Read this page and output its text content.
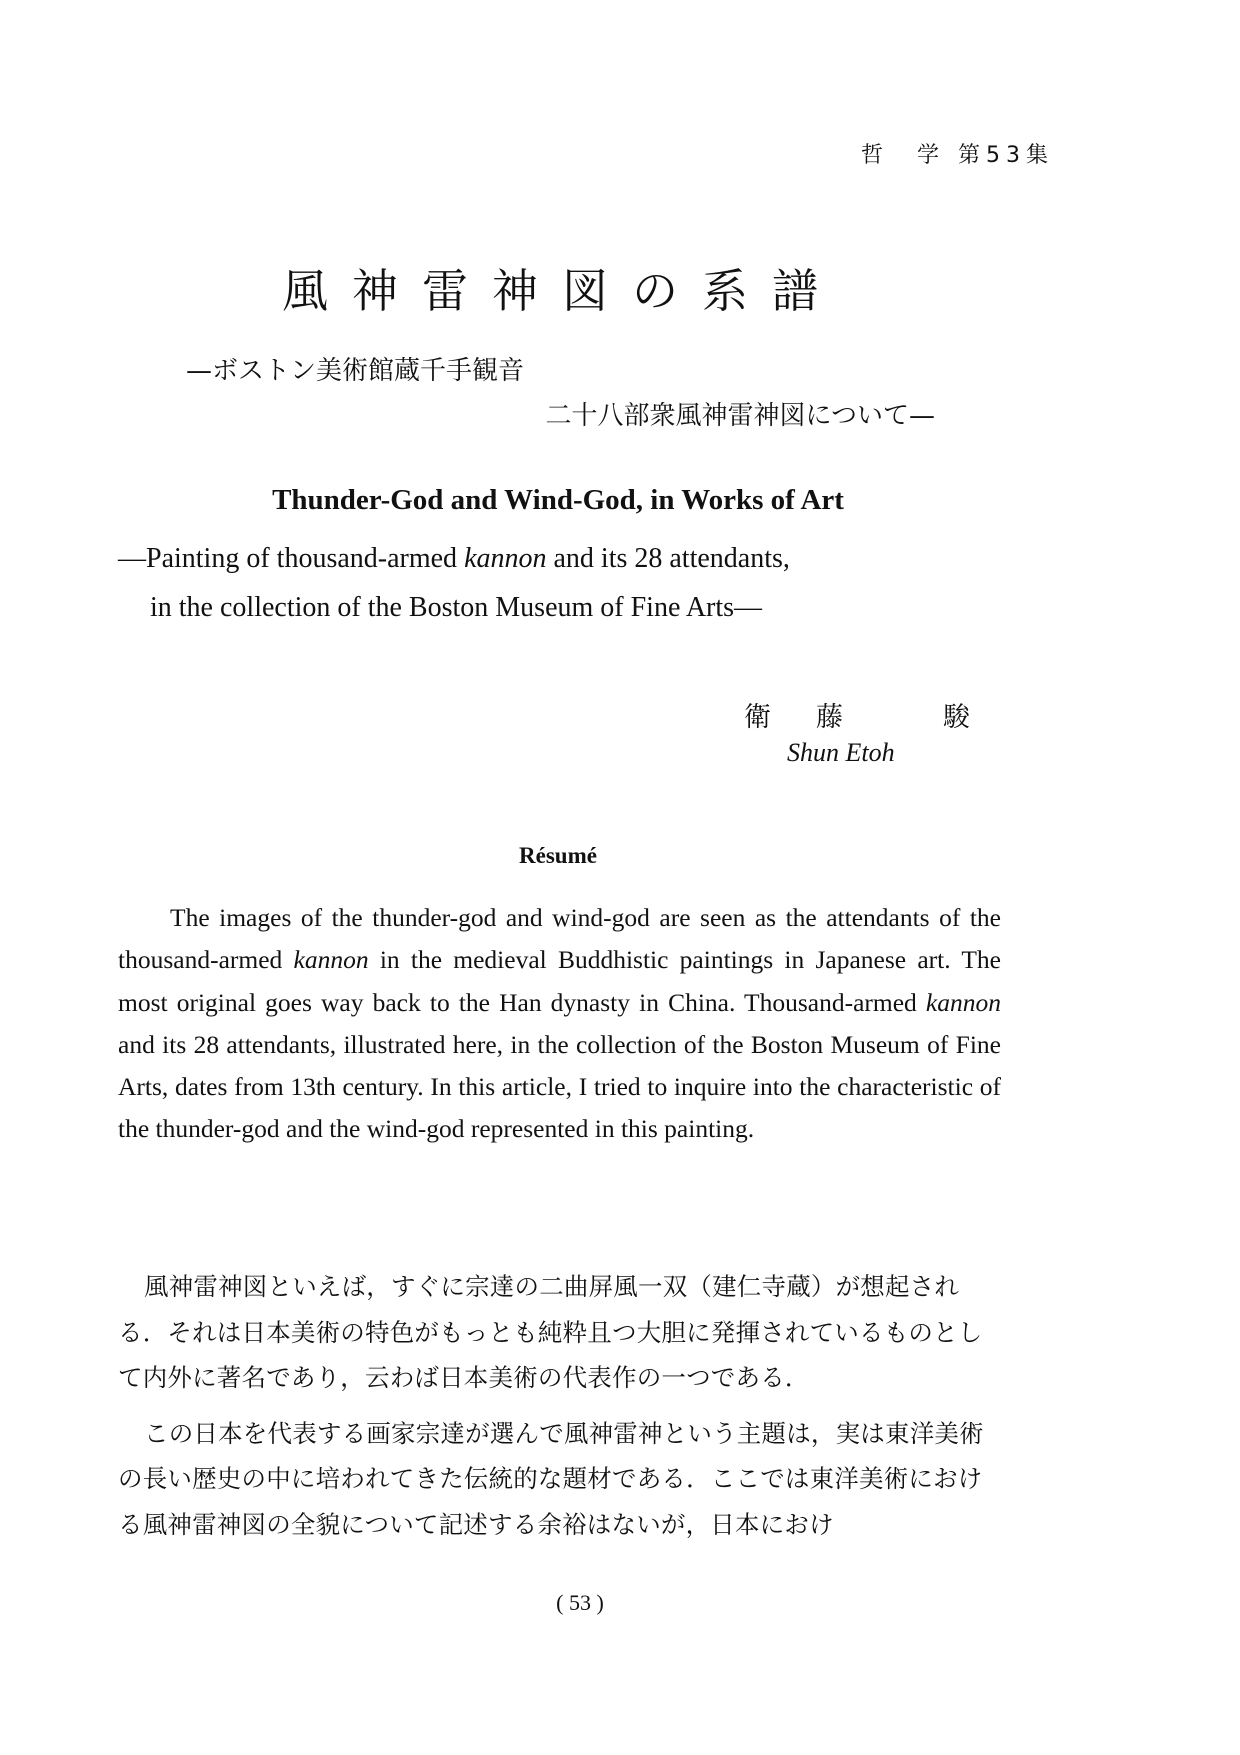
哲　学 第53集
風神雷神図の系譜
—ボストン美術館蔵千手観音
二十八部衆風神雷神図について—
Thunder-God and Wind-God, in Works of Art
—Painting of thousand-armed kannon and its 28 attendants,
in the collection of the Boston Museum of Fine Arts—
衛 藤	駿
Shun Etoh
Résumé

The images of the thunder-god and wind-god are seen as the attendants of the thousand-armed kannon in the medieval Buddhistic paintings in Japanese art. The most original goes way back to the Han dynasty in China. Thousand-armed kannon and its 28 attendants, illustrated here, in the collection of the Boston Museum of Fine Arts, dates from 13th century. In this article, I tried to inquire into the characteristic of the thunder-god and the wind-god represented in this painting.

風神雷神図といえば，すぐに宗達の二曲屏風一双（建仁寺蔵）が想起される．それは日本美術の特色がもっとも純粋且つ大胆に発揮されているものとして内外に著名であり，云わば日本美術の代表作の一つである．

この日本を代表する画家宗達が選んで風神雷神という主題は，実は東洋美術の長い歴史の中に培われてきた伝統的な題材である．ここでは東洋美術における風神雷神図の全貌について記述する余裕はないが，日本におけ

( 53 )
